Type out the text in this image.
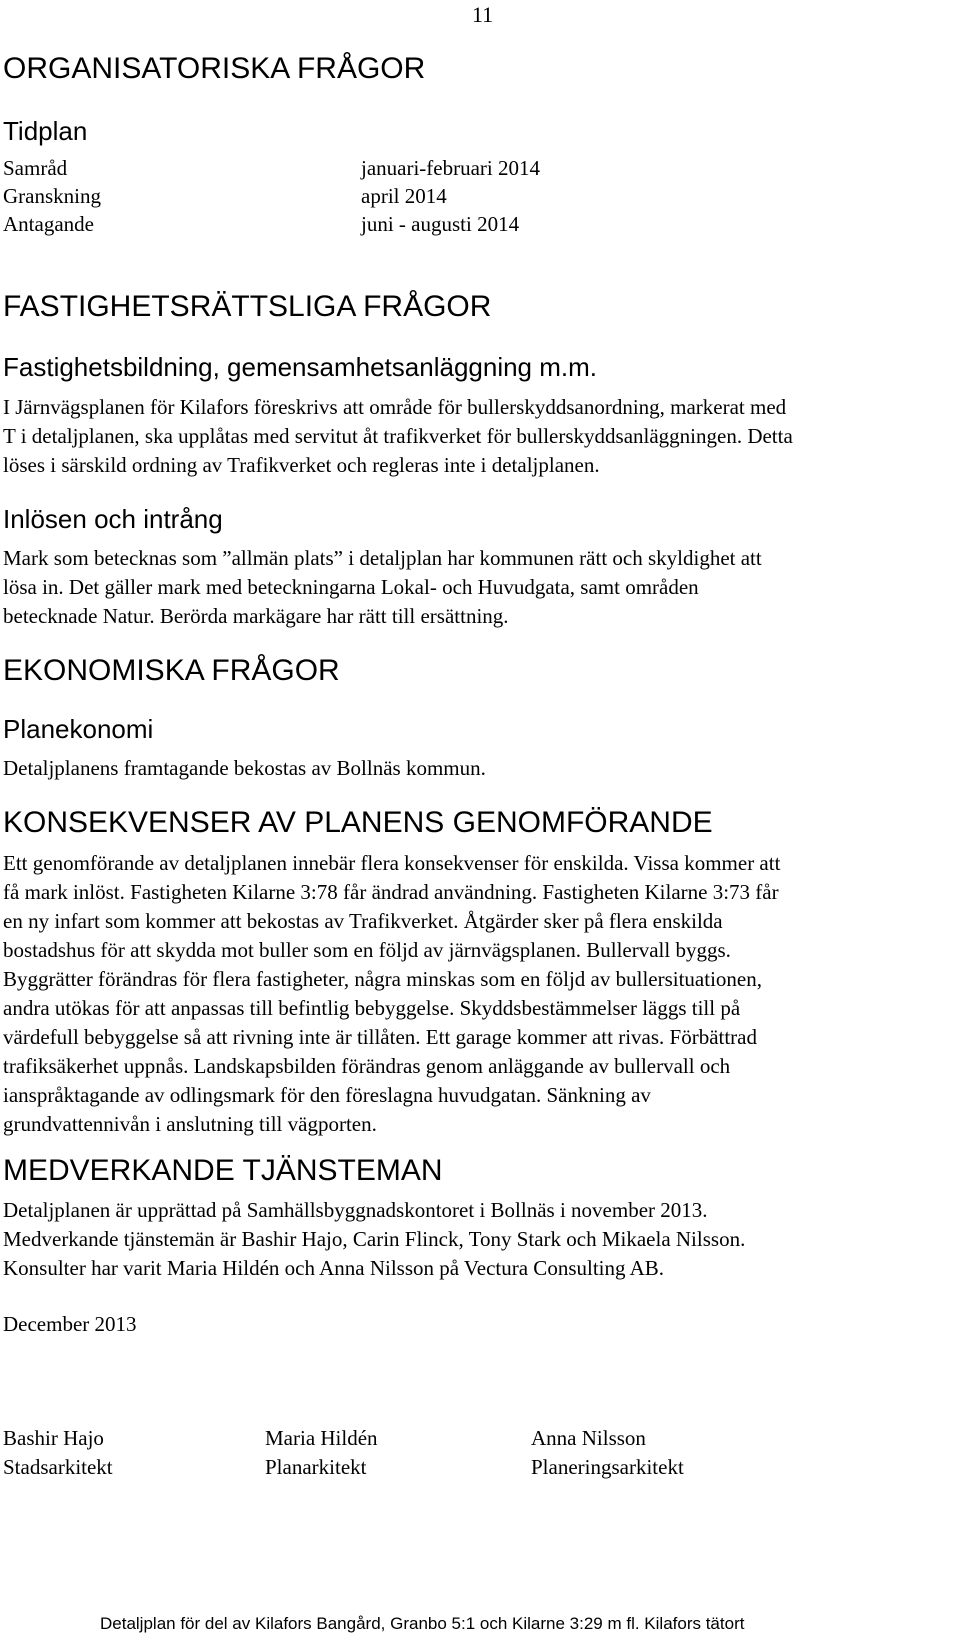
11
ORGANISATORISKA FRÅGOR
Tidplan
Samråd	januari-februari 2014
Granskning	april 2014
Antagande	juni - augusti 2014
FASTIGHETSRÄTTSLIGA FRÅGOR
Fastighetsbildning, gemensamhetsanläggning m.m.
I Järnvägsplanen för Kilafors föreskrivs att område för bullerskyddsanordning, markerat med
T i detaljplanen, ska upplåtas med servitut åt trafikverket för bullerskyddsanläggningen. Detta
löses i särskild ordning av Trafikverket och regleras inte i detaljplanen.
Inlösen och intrång
Mark som betecknas som ”allmän plats” i detaljplan har kommunen rätt och skyldighet att
lösa in. Det gäller mark med beteckningarna Lokal- och Huvudgata, samt områden
betecknade Natur. Berörda markägare har rätt till ersättning.
EKONOMISKA FRÅGOR
Planekonomi
Detaljplanens framtagande bekostas av Bollnäs kommun.
KONSEKVENSER AV PLANENS GENOMFÖRANDE
Ett genomförande av detaljplanen innebär flera konsekvenser för enskilda. Vissa kommer att
få mark inlöst. Fastigheten Kilarne 3:78 får ändrad användning. Fastigheten Kilarne 3:73 får
en ny infart som kommer att bekostas av Trafikverket. Åtgärder sker på flera enskilda
bostadshus för att skydda mot buller som en följd av järnvägsplanen. Bullervall byggs.
Byggrätter förändras för flera fastigheter, några minskas som en följd av bullersituationen,
andra utökas för att anpassas till befintlig bebyggelse. Skyddsbestämmelser läggs till på
värdefull bebyggelse så att rivning inte är tillåten. Ett garage kommer att rivas. Förbättrad
trafiksäkerhet uppnås. Landskapsbilden förändras genom anläggande av bullervall och
ianspråktagande av odlingsmark för den föreslagna huvudgatan. Sänkning av
grundvattennivån i anslutning till vägporten.
MEDVERKANDE TJÄNSTEMAN
Detaljplanen är upprättad på Samhällsbyggnadskontoret i Bollnäs i november 2013.
Medverkande tjänstemän är Bashir Hajo, Carin Flinck, Tony Stark och Mikaela Nilsson.
Konsulter har varit Maria Hildén och Anna Nilsson på Vectura Consulting AB.
December 2013
Bashir Hajo
Stadsarkitekt
Maria Hildén
Planarkitekt
Anna Nilsson
Planeringsarkitekt
Detaljplan för del av Kilafors Bangård, Granbo 5:1 och Kilarne 3:29 m fl. Kilafors tätort
